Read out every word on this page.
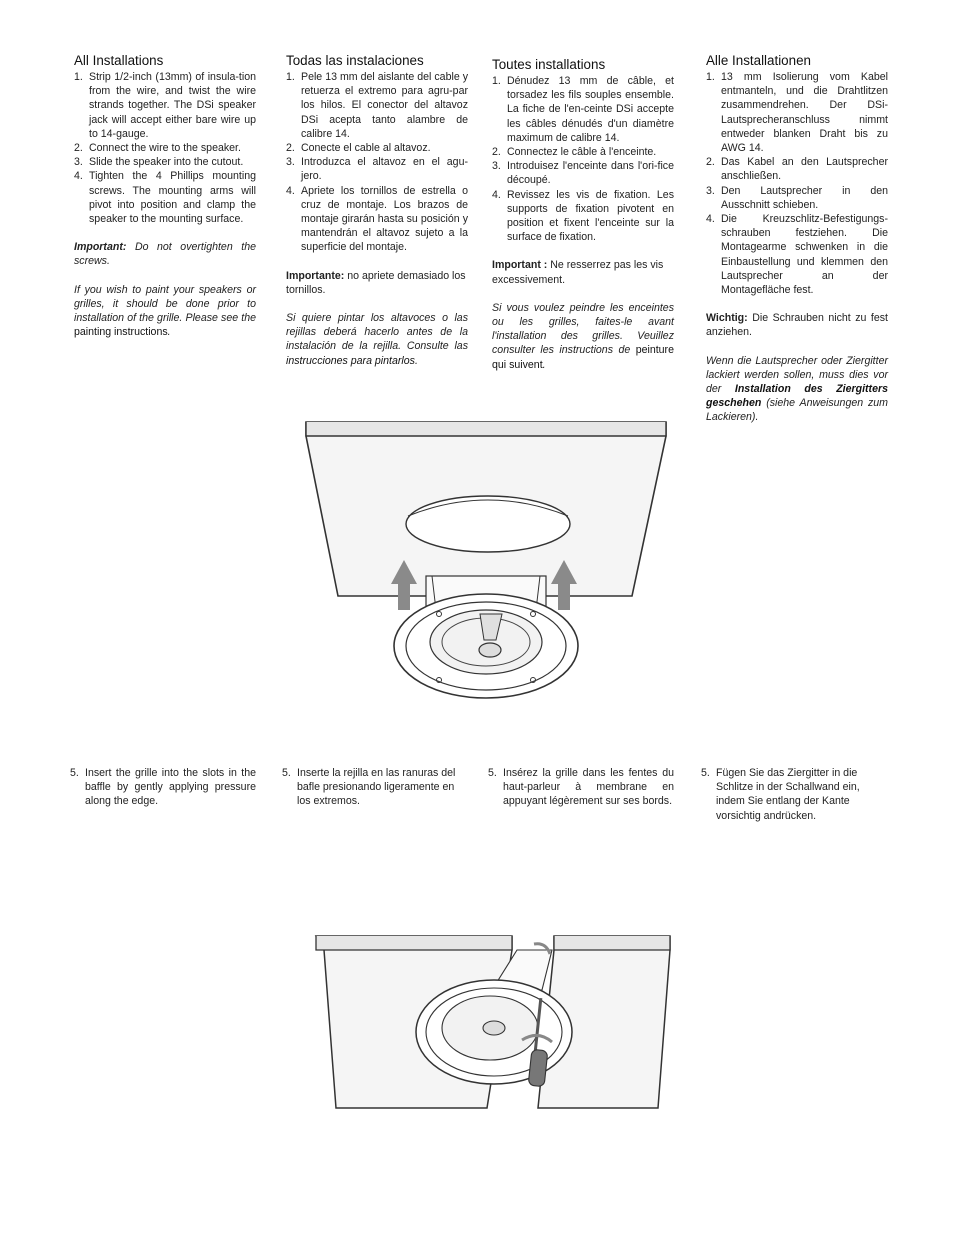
All Installations
1. Strip 1/2-inch (13mm) of insula-tion from the wire, and twist the wire strands together. The DSi speaker jack will accept either bare wire up to 14-gauge.
2. Connect the wire to the speaker.
3. Slide the speaker into the cutout.
4. Tighten the 4 Phillips mounting screws. The mounting arms will pivot into position and clamp the speaker to the mounting surface.

Important: Do not overtighten the screws.

If you wish to paint your speakers or grilles, it should be done prior to installation of the grille. Please see the painting instructions.

Todas las instalaciones
1. Pele 13 mm del aislante del cable y retuerza el extremo para agru-par los hilos. El conector del altavoz DSi acepta tanto alambre de calibre 14.
2. Conecte el cable al altavoz.
3. Introduzca el altavoz en el agu-jero.
4. Apriete los tornillos de estrella o cruz de montaje. Los brazos de montaje girarán hasta su posición y mantendrán el altavoz sujeto a la superficie del montaje.

Importante: no apriete demasiado los tornillos.

Si quiere pintar los altavoces o las rejillas deberá hacerlo antes de la instalación de la rejilla. Consulte las instrucciones para pintarlos.

Toutes installations
1. Dénudez 13 mm de câble, et torsadez les fils souples ensemble. La fiche de l'en-ceinte DSi accepte les câbles dénudés d'un diamètre maximum de calibre 14.
2. Connectez le câble à l'enceinte.
3. Introduisez l'enceinte dans l'ori-fice découpé.
4. Revissez les vis de fixation. Les supports de fixation pivotent en position et fixent l'enceinte sur la surface de fixation.

Important : Ne resserrez pas les vis excessivement.

Si vous voulez peindre les enceintes ou les grilles, faites-le avant l'installation des grilles. Veuillez consulter les instructions de peinture qui suivent.

Alle Installationen
1. 13 mm Isolierung vom Kabel entmanteln, und die Drahtlitzen zusammendrehen. Der DSi-Lautsprecheranschluss nimmt entweder blanken Draht bis zu AWG 14.
2. Das Kabel an den Lautsprecher anschließen.
3. Den Lautsprecher in den Ausschnitt schieben.
4. Die Kreuzschlitz-Befestigungs-schrauben festziehen. Die Montagearme schwenken in die Einbaustellung und klemmen den Lautsprecher an der Montagefläche fest.

Wichtig: Die Schrauben nicht zu fest anziehen.

Wenn die Lautsprecher oder Ziergitter lackiert werden sollen, muss dies vor der Installation des Ziergitters geschehen (siehe Anweisungen zum Lackieren).

5. Insert the grille into the slots in the baffle by gently applying pressure along the edge.
5. Inserte la rejilla en las ranuras del bafle presionando ligeramente en los extremos.
5. Insérez la grille dans les fentes du haut-parleur à membrane en appuyant légèrement sur ses bords.
5. Fügen Sie das Ziergitter in die Schlitze in der Schallwand ein, indem Sie entlang der Kante vorsichtig andrücken.
